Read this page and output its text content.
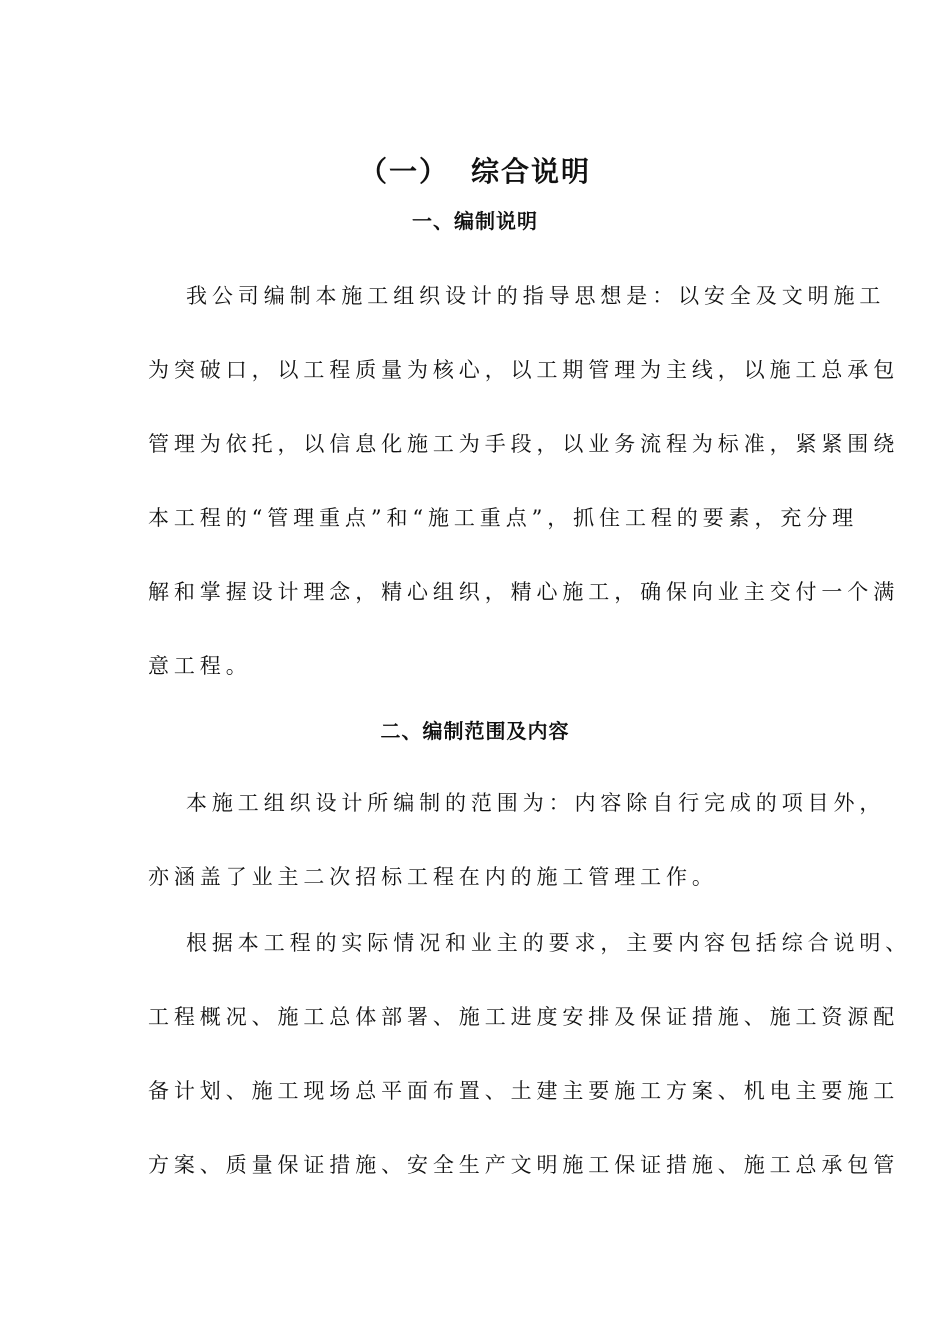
（一） 综合说明
一、编制说明
我公司编制本施工组织设计的指导思想是：以安全及文明施工
为突破口，以工程质量为核心，以工期管理为主线，以施工总承包
管理为依托，以信息化施工为手段，以业务流程为标准，紧紧围绕
本工程的“管理重点”和“施工重点”，抓住工程的要素，充分理
解和掌握设计理念，精心组织，精心施工，确保向业主交付一个满
意工程。
二、编制范围及内容
本施工组织设计所编制的范围为：内容除自行完成的项目外，
亦涵盖了业主二次招标工程在内的施工管理工作。
根据本工程的实际情况和业主的要求，主要内容包括综合说明、
工程概况、施工总体部署、施工进度安排及保证措施、施工资源配
备计划、施工现场总平面布置、土建主要施工方案、机电主要施工
方案、质量保证措施、安全生产文明施工保证措施、施工总承包管
